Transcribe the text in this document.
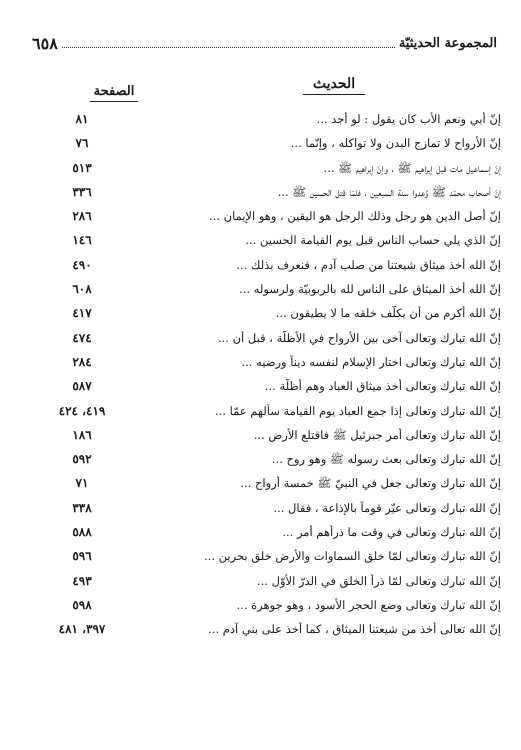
المجموعة الحديثيّة
٦٥٨
الحديث
الصفحة
إنّ أبي ونعم الأب كان يقول : لو أجد ...
٨١
إنّ الأرواح لا تمازج البدن ولا تواكله ، وإنّما ...
٧٦
إنّ إسماعيل مات قبل إبراهيم ﷺ ، وإنّ إبراهيم ﷺ ...
٥١٣
إنّ أصحاب محمّد ﷺ وُعدوا سنة السبعين ، فلمّا قتل الحسين ﷺ ...
٣٣٦
إنّ أصل الدين هو رجل وذلك الرجل هو اليقين ، وهو الإيمان ...
٢٨٦
إنّ الذي يلي حساب الناس قبل يوم القيامة الحسين ...
١٤٦
إنّ الله أخذ ميثاق شيعتنا من صلب آدم ، فنعرف بذلك ...
٤٩٠
إنّ الله أخذ الميثاق على الناس لله بالربوبيّة ولرسوله ...
٦٠٨
إنّ الله أكرم من أن يكلّف خلقه ما لا يطيقون ...
٤١٧
إنّ الله تبارك وتعالى آخى بين الأرواح في الأظلّة ، قبل أن ...
٤٧٤
إنّ الله تبارك وتعالى اختار الإسلام لنفسه ديناً ورضيه ...
٢٨٤
إنّ الله تبارك وتعالى أخذ ميثاق العباد وهم أظلّة ...
٥٨٧
إنّ الله تبارك وتعالى إذا جمع العباد يوم القيامة سألهم عمّا ...
٤١٩، ٤٢٤
إنّ الله تبارك وتعالى أمر جبرئيل ﷺ فاقتلع الأرض ...
١٨٦
إنّ الله تبارك وتعالى بعث رسوله ﷺ وهو روح ...
٥٩٢
إنّ الله تبارك وتعالى جعل في النبيّ ﷺ خمسة أرواح ...
٧١
إنّ الله تبارك وتعالى عيّر قوماً بالإذاعة ، فقال ...
٣٣٨
إنّ الله تبارك وتعالى في وقت ما ذرأهم أمر ...
٥٨٨
إنّ الله تبارك وتعالى لمّا خلق السماوات والأرض خلق بحرين ...
٥٩٦
إنّ الله تبارك وتعالى لمّا ذرأ الخلق في الذرّ الأوّل ...
٤٩٣
إنّ الله تبارك وتعالى وضع الحجر الأسود ، وهو جوهرة ...
٥٩٨
إنّ الله تعالى أخذ من شيعتنا الميثاق ، كما أخذ على بني آدم ...
٣٩٧، ٤٨١
